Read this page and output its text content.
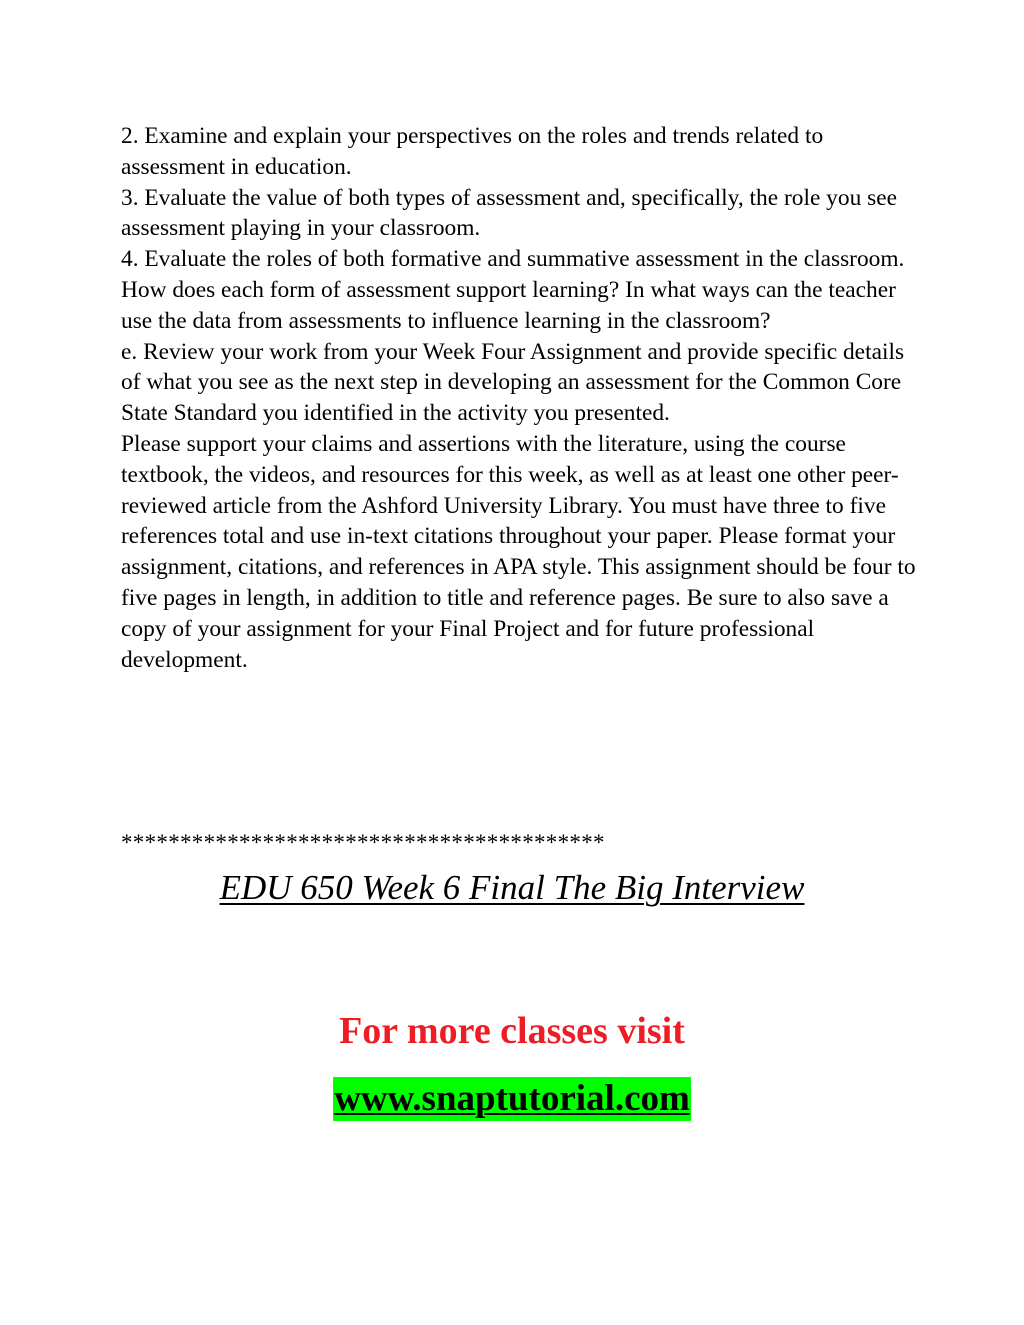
2. Examine and explain your perspectives on the roles and trends related to assessment in education.

3. Evaluate the value of both types of assessment and, specifically, the role you see assessment playing in your classroom.

4. Evaluate the roles of both formative and summative assessment in the classroom. How does each form of assessment support learning? In what ways can the teacher use the data from assessments to influence learning in the classroom?

e. Review your work from your Week Four Assignment and provide specific details of what you see as the next step in developing an assessment for the Common Core State Standard you identified in the activity you presented.

Please support your claims and assertions with the literature, using the course textbook, the videos, and resources for this week, as well as at least one other peer-reviewed article from the Ashford University Library. You must have three to five references total and use in-text citations throughout your paper. Please format your assignment, citations, and references in APA style. This assignment should be four to five pages in length, in addition to title and reference pages. Be sure to also save a copy of your assignment for your Final Project and for future professional development.

*****************************************
EDU 650 Week 6 Final The Big Interview
For more classes visit
www.snaptutorial.com
